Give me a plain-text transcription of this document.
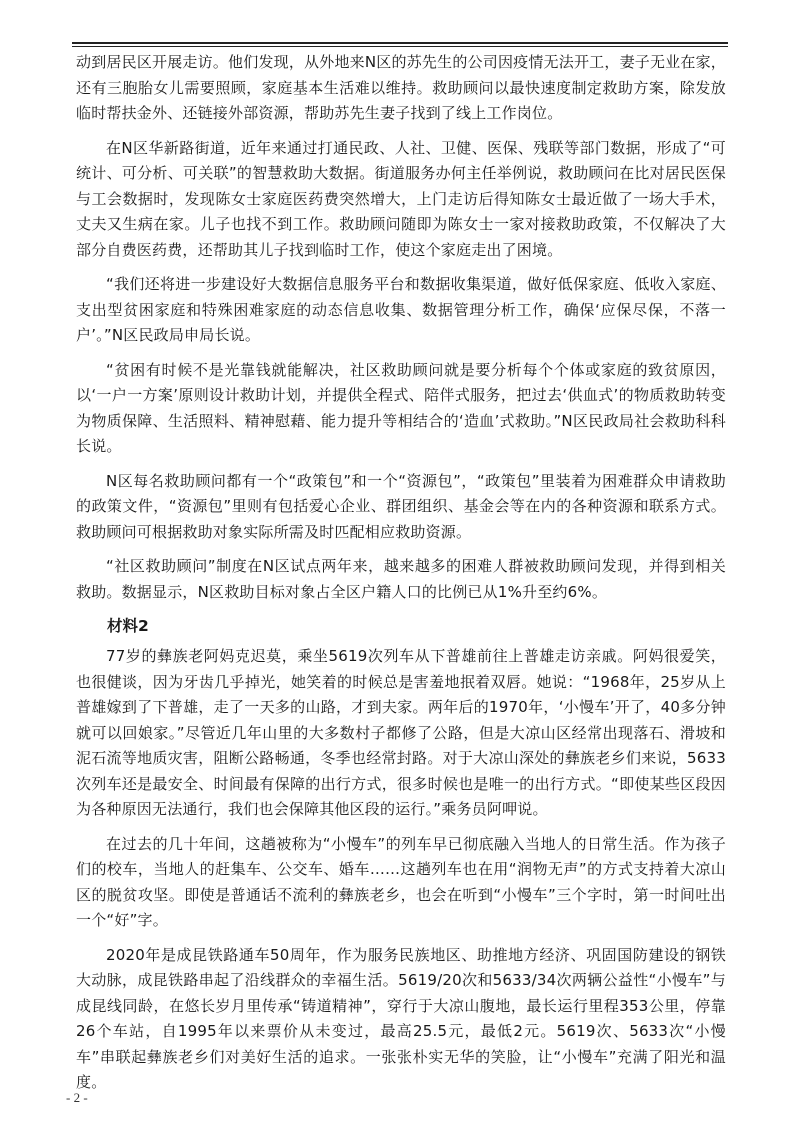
动到居民区开展走访。他们发现，从外地来N区的苏先生的公司因疫情无法开工，妻子无业在家，还有三胞胎女儿需要照顾，家庭基本生活难以维持。救助顾问以最快速度制定救助方案，除发放临时帮扶金外、还链接外部资源，帮助苏先生妻子找到了线上工作岗位。

在N区华新路街道，近年来通过打通民政、人社、卫健、医保、残联等部门数据，形成了“可统计、可分析、可关联”的智慧救助大数据。街道服务办何主任举例说，救助顾问在比对居民医保与工会数据时，发现陈女士家庭医药费突然增大，上门走访后得知陈女士最近做了一场大手术，丈夫又生病在家。儿子也找不到工作。救助顾问随即为陈女士一家对接救助政策，不仅解决了大部分自费医药费，还帮助其儿子找到临时工作，使这个家庭走出了困境。

“我们还将进一步建设好大数据信息服务平台和数据收集渠道，做好低保家庭、低收入家庭、支出型贫困家庭和特殊困难家庭的动态信息收集、数据管理分析工作，确保‘应保尽保，不落一户’。”N区民政局申局长说。

“贫困有时候不是光靠钱就能解决，社区救助顾问就是要分析每个个体或家庭的致贫原因，以‘一户一方案’原则设计救助计划，并提供全程式、陪伴式服务，把过去‘供血式’的物质救助转变为物质保障、生活照料、精神慰藉、能力提升等相结合的‘造血’式救助。”N区民政局社会救助科科长说。

N区每名救助顾问都有一个“政策包”和一个“资源包”，“政策包”里装着为困难群众申请救助的政策文件，“资源包”里则有包括爱心企业、群团组织、基金会等在内的各种资源和联系方式。救助顾问可根据救助对象实际所需及时匹配相应救助资源。

“社区救助顾问”制度在N区试点两年来，越来越多的困难人群被救助顾问发现，并得到相关救助。数据显示，N区救助目标对象占全区户籍人口的比例已从1%升至约6%。

材料2

77岁的彝族老阿妈克迟莫，乘坐5619次列车从下普雄前往上普雄走访亲戚。阿妈很爱笑，也很健谈，因为牙齿几乎掉光，她笑着的时候总是害羞地抿着双唇。她说：“1968年，25岁从上普雄嫁到了下普雄，走了一天多的山路，才到夫家。两年后的1970年，‘小慢车’开了，40多分钟就可以回娘家。”尽管近几年山里的大多数村子都修了公路，但是大凉山区经常出现落石、滑坡和泥石流等地质灾害，阻断公路畅通，冬季也经常封路。对于大凉山深处的彝族老乡们来说，5633次列车还是最安全、时间最有保障的出行方式，很多时候也是唯一的出行方式。“即使某些区段因为各种原因无法通行，我们也会保障其他区段的运行。”乘务员阿呷说。

在过去的几十年间，这趟被称为“小慢车”的列车早已彻底融入当地人的日常生活。作为孩子们的校车，当地人的赶集车、公交车、婚车……这趟列车也在用“润物无声”的方式支持着大凉山区的脱贫攻坚。即使是普通话不流利的彝族老乡，也会在听到“小慢车”三个字时，第一时间吐出一个“好”字。

2020年是成昆铁路通车50周年，作为服务民族地区、助推地方经济、巩固国防建设的钢铁大动脉，成昆铁路串起了沿线群众的幸福生活。5619/20次和5633/34次两辆公益性“小慢车”与成昆线同龄，在悠长岁月里传承“铸道精神”，穿行于大凉山腹地，最长运行里程353公里，停靠26个车站，自1995年以来票价从未变过，最高25.5元，最低2元。5619次、5633次“小慢车”串联起彝族老乡们对美好生活的追求。一张张朴实无华的笑脸，让“小慢车”充满了阳光和温度。

- 2 -
